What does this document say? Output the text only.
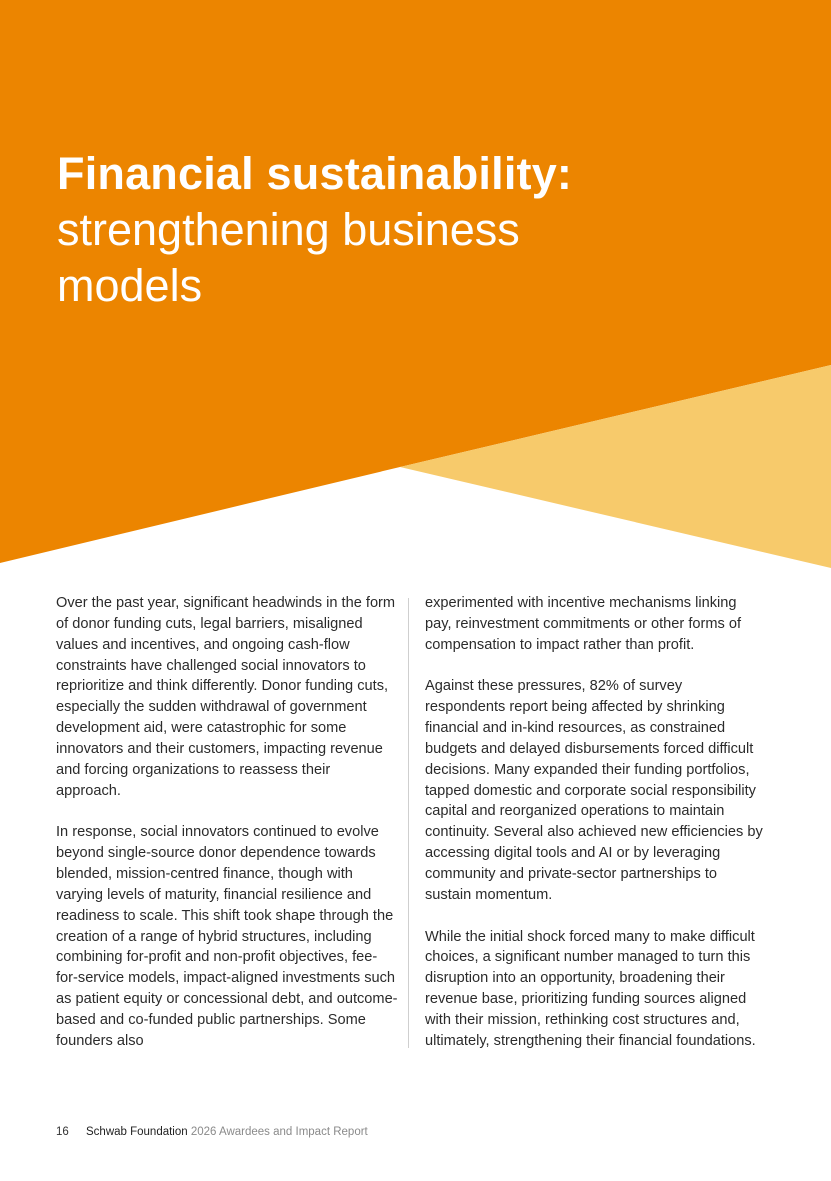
Financial sustainability:
strengthening business
models

Over the past year, significant headwinds in the form of donor funding cuts, legal barriers, misaligned values and incentives, and ongoing cash-flow constraints have challenged social innovators to reprioritize and think differently. Donor funding cuts, especially the sudden withdrawal of government development aid, were catastrophic for some innovators and their customers, impacting revenue and forcing organizations to reassess their approach.

In response, social innovators continued to evolve beyond single-source donor dependence towards blended, mission-centred finance, though with varying levels of maturity, financial resilience and readiness to scale. This shift took shape through the creation of a range of hybrid structures, including combining for-profit and non-profit objectives, fee-for-service models, impact-aligned investments such as patient equity or concessional debt, and outcome-based and co-funded public partnerships. Some founders also

experimented with incentive mechanisms linking pay, reinvestment commitments or other forms of compensation to impact rather than profit.

Against these pressures, 82% of survey respondents report being affected by shrinking financial and in-kind resources, as constrained budgets and delayed disbursements forced difficult decisions. Many expanded their funding portfolios, tapped domestic and corporate social responsibility capital and reorganized operations to maintain continuity. Several also achieved new efficiencies by accessing digital tools and AI or by leveraging community and private-sector partnerships to sustain momentum.

While the initial shock forced many to make difficult choices, a significant number managed to turn this disruption into an opportunity, broadening their revenue base, prioritizing funding sources aligned with their mission, rethinking cost structures and, ultimately, strengthening their financial foundations.

16 Schwab Foundation 2026 Awardees and Impact Report
